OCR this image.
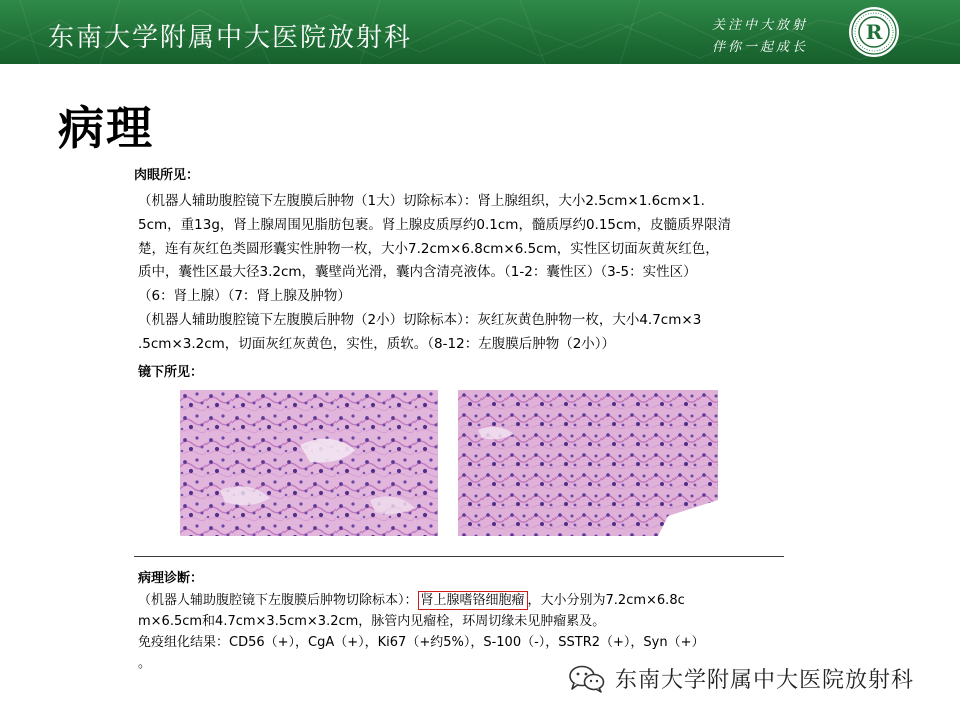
东南大学附属中大医院放射科	关注中大放射
伴你一起成长
R
病理
肉眼所见：
（机器人辅助腹腔镜下左腹膜后肿物（1大）切除标本）：肾上腺组织，大小2.5cm×1.6cm×1.
5cm，重13g，肾上腺周围见脂肪包裹。肾上腺皮质厚约0.1cm，髓质厚约0.15cm，皮髓质界限清
楚，连有灰红色类圆形囊实性肿物一枚，大小7.2cm×6.8cm×6.5cm，实性区切面灰黄灰红色，
质中，囊性区最大径3.2cm，囊壁尚光滑，囊内含清亮液体。（1-2：囊性区）（3-5：实性区）
（6：肾上腺）（7：肾上腺及肿物）
（机器人辅助腹腔镜下左腹膜后肿物（2小）切除标本）：灰红灰黄色肿物一枚，大小4.7cm×3
.5cm×3.2cm，切面灰红灰黄色，实性，质软。（8-12：左腹膜后肿物（2小））
镜下所见：
病理诊断：
（机器人辅助腹腔镜下左腹膜后肿物切除标本）： 肾上腺嗜铬细胞瘤 ，大小分别为7.2cm×6.8c
m×6.5cm和4.7cm×3.5cm×3.2cm，脉管内见瘤栓，环周切缘未见肿瘤累及。
免疫组化结果：CD56（+），CgA（+），Ki67（+约5%），S-100（-），SSTR2（+），Syn（+）
。
东南大学附属中大医院放射科
